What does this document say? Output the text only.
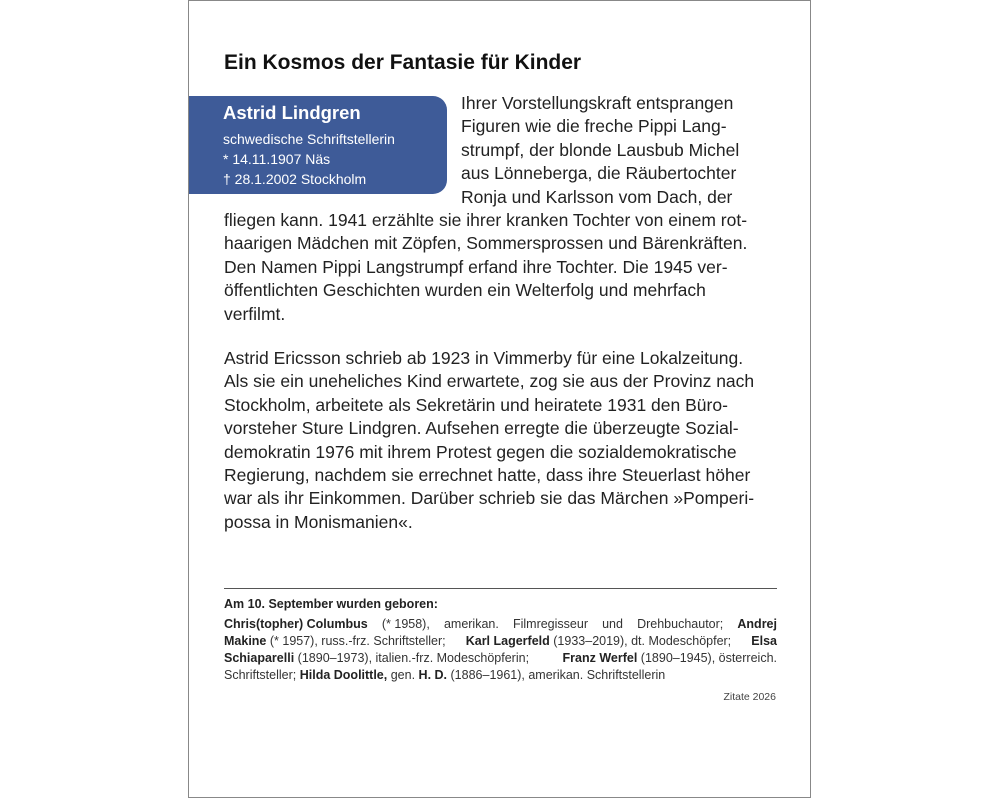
Ein Kosmos der Fantasie für Kinder
Astrid Lindgren
schwedische Schriftstellerin
* 14.11.1907 Näs
† 28.1.2002 Stockholm
Ihrer Vorstellungskraft entsprangen
Figuren wie die freche Pippi Lang-
strumpf, der blonde Lausbub Michel
aus Lönneberga, die Räubertochter
Ronja und Karlsson vom Dach, der
fliegen kann. 1941 erzählte sie ihrer kranken Tochter von einem rot-
haarigen Mädchen mit Zöpfen, Sommersprossen und Bärenkräften.
Den Namen Pippi Langstrumpf erfand ihre Tochter. Die 1945 ver-
öffentlichten Geschichten wurden ein Welterfolg und mehrfach
verfilmt.
Astrid Ericsson schrieb ab 1923 in Vimmerby für eine Lokalzeitung.
Als sie ein uneheliches Kind erwartete, zog sie aus der Provinz nach
Stockholm, arbeitete als Sekretärin und heiratete 1931 den Büro-
vorsteher Sture Lindgren. Aufsehen erregte die überzeugte Sozial-
demokratin 1976 mit ihrem Protest gegen die sozialdemokratische
Regierung, nachdem sie errechnet hatte, dass ihre Steuerlast höher
war als ihr Einkommen. Darüber schrieb sie das Märchen »Pomperi-
possa in Monismanien«.
Am 10. September wurden geboren:
Chris(topher) Columbus (* 1958), amerikan. Filmregisseur und Drehbuchautor; Andrej
Makine (* 1957), russ.-frz. Schriftsteller; Karl Lagerfeld (1933–2019), dt. Modeschöpfer; Elsa
Schiaparelli (1890–1973), italien.-frz. Modeschöpferin;	Franz Werfel (1890–1945), österreich.
Schriftsteller; Hilda Doolittle, gen. H. D. (1886–1961), amerikan. Schriftstellerin
Zitate 2026
